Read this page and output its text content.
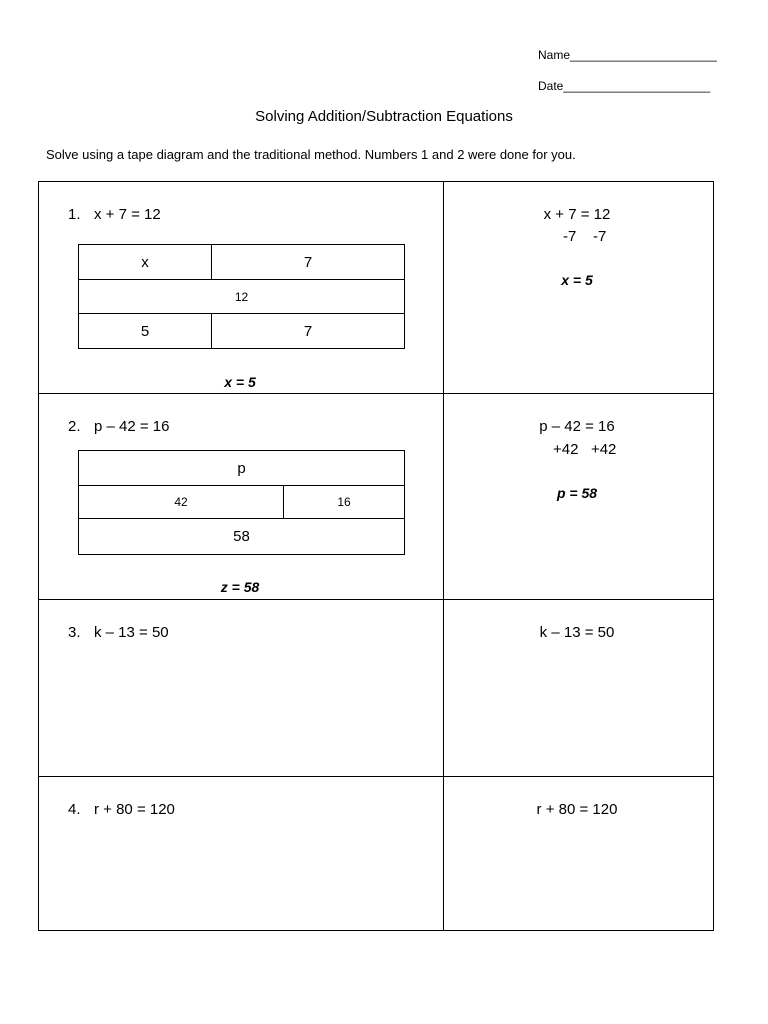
Name______________________
Date______________________
Solving Addition/Subtraction Equations
Solve using a tape diagram and the traditional method. Numbers 1 and 2 were done for you.
1. x + 7 = 12
x	7
12
5	7
x = 5
x + 7 = 12
-7    -7
x = 5
2. p – 42 = 16
p
42	16
58
z = 58
p – 42 = 16
+42   +42
p = 58
3. k – 13 = 50	k – 13 = 50
4. r + 80 = 120	r + 80 = 120
